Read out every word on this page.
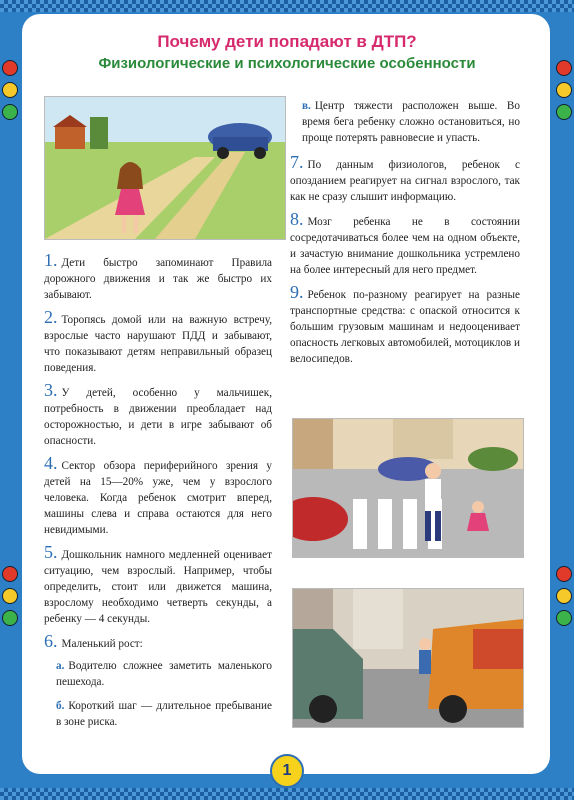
Почему дети попадают в ДТП?
Физиологические и психологические особенности

1. Дети быстро запоминают Правила дорожного движения и так же быстро их забывают.

2. Торопясь домой или на важную встречу, взрослые часто нарушают ПДД и забывают, что показывают детям неправильный образец поведения.

3. У детей, особенно у мальчишек, потребность в движении преобладает над осторожностью, и дети в игре забывают об опасности.

4. Сектор обзора периферийного зрения у детей на 15—20% уже, чем у взрослого человека. Когда ребенок смотрит вперед, машины слева и справа остаются для него невидимыми.

5. Дошкольник намного медленней оценивает ситуацию, чем взрослый. Например, чтобы определить, стоит или движется машина, взрослому необходимо четверть секунды, а ребенку — 4 секунды.

6. Маленький рост:

а. Водителю сложнее заметить маленького пешехода.

б. Короткий шаг — длительное пребывание в зоне риска.

в. Центр тяжести расположен выше. Во время бега ребенку сложно остановиться, но проще потерять равновесие и упасть.

7. По данным физиологов, ребенок с опозданием реагирует на сигнал взрослого, так как не сразу слышит информацию.

8. Мозг ребенка не в состоянии сосредотачиваться более чем на одном объекте, и зачастую внимание дошкольника устремлено на более интересный для него предмет.

9. Ребенок по-разному реагирует на разные транспортные средства: с опаской относится к большим грузовым машинам и недооценивает опасность легковых автомобилей, мотоциклов и велосипедов.

1
